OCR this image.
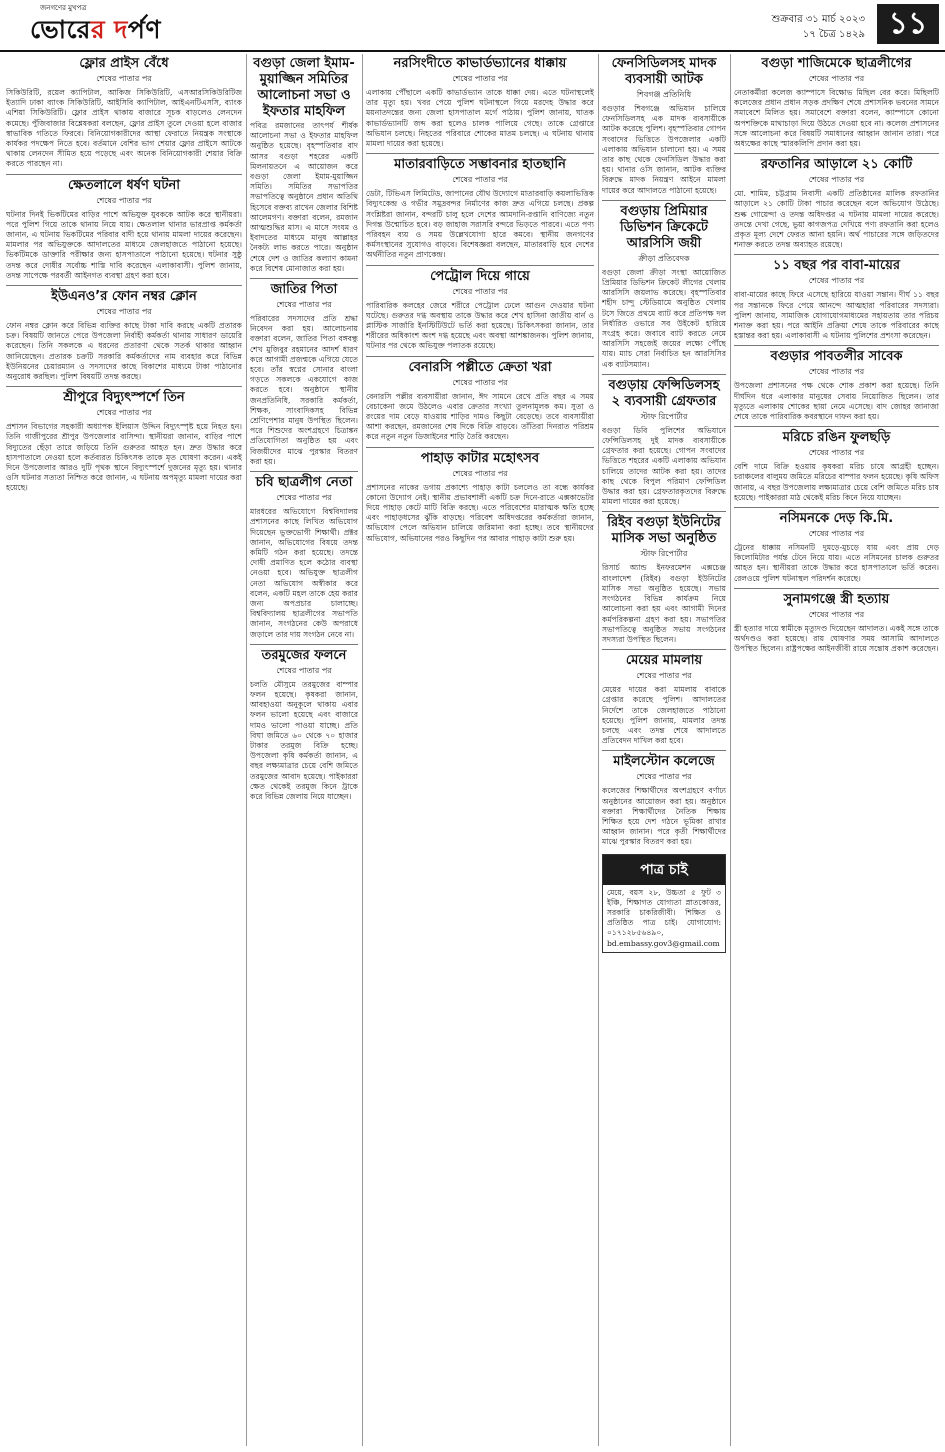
জনগণের মুখপত্র
ভোরের দর্পণ	শুক্রবার ৩১ মার্চ ২০২৩
১৭ চৈত্র ১৪২৯ ১১
ফ্লোর প্রাইস বেঁধে
শেষের পাতার পর

সিকিউরিটি, রয়েল ক্যাপিটাল, আকিজ সিকিউরিটি, এসআরসিকিউরিটিজ ইত্যাদি ঢাকা ব্যাংক সিকিউরিটি, আইসিবি ক্যাপিটাল, আইএনটিএসসি, ব্যাংক এশিয়া সিকিউরিটি। ফ্লোর প্রাইস থাকায় বাজারে সূচক বাড়লেও লেনদেন কমেছে। পুঁজিবাজার বিশ্লেষকরা বলছেন, ফ্লোর প্রাইস তুলে দেওয়া হলে বাজার স্বাভাবিক গতিতে ফিরবে। বিনিয়োগকারীদের আস্থা ফেরাতে নিয়ন্ত্রক সংস্থাকে কার্যকর পদক্ষেপ নিতে হবে। বর্তমানে বেশির ভাগ শেয়ার ফ্লোর প্রাইসে আটকে থাকায় লেনদেন সীমিত হয়ে পড়েছে এবং অনেক বিনিয়োগকারী শেয়ার বিক্রি করতে পারছেন না।

ক্ষেতলালে ধর্ষণ ঘটনা
শেষের পাতার পর

ঘটনার দিনই ভিকটিমের বাড়ির পাশে অভিযুক্ত যুবককে আটক করে স্থানীয়রা। পরে পুলিশ গিয়ে তাকে থানায় নিয়ে যায়। ক্ষেতলাল থানার ভারপ্রাপ্ত কর্মকর্তা জানান, এ ঘটনায় ভিকটিমের পরিবার বাদী হয়ে থানায় মামলা দায়ের করেছেন। মামলার পর অভিযুক্তকে আদালতের মাধ্যমে জেলহাজতে পাঠানো হয়েছে। ভিকটিমকে ডাক্তারি পরীক্ষার জন্য হাসপাতালে পাঠানো হয়েছে। ঘটনার সুষ্ঠু তদন্ত করে দোষীর সর্বোচ্চ শাস্তি দাবি করেছেন এলাকাবাসী। পুলিশ জানায়, তদন্ত সাপেক্ষে পরবর্তী আইনগত ব্যবস্থা গ্রহণ করা হবে।

ইউএনও’র ফোন নম্বর ক্লোন
শেষের পাতার পর

ফোন নম্বর ক্লোন করে বিভিন্ন ব্যক্তির কাছে টাকা দাবি করছে একটি প্রতারক চক্র। বিষয়টি জানতে পেরে উপজেলা নির্বাহী কর্মকর্তা থানায় সাধারণ ডায়েরি করেছেন। তিনি সকলকে এ ধরনের প্রতারণা থেকে সতর্ক থাকার আহ্বান জানিয়েছেন। প্রতারক চক্রটি সরকারি কর্মকর্তাদের নাম ব্যবহার করে বিভিন্ন ইউনিয়নের চেয়ারম্যান ও সদস্যদের কাছে বিকাশের মাধ্যমে টাকা পাঠানোর অনুরোধ করছিল। পুলিশ বিষয়টি তদন্ত করছে।

শ্রীপুরে বিদ্যুৎস্পর্শে তিন
শেষের পাতার পর

প্রশাসন বিভাগের সহকারী অধ্যাপক ইলিয়াস উদ্দিন বিদ্যুৎস্পৃষ্ট হয়ে নিহত হন। তিনি গাজীপুরের শ্রীপুর উপজেলার বাসিন্দা। স্থানীয়রা জানান, বাড়ির পাশে বিদ্যুতের ছেঁড়া তারে জড়িয়ে তিনি গুরুতর আহত হন। দ্রুত উদ্ধার করে হাসপাতালে নেওয়া হলে কর্তব্যরত চিকিৎসক তাকে মৃত ঘোষণা করেন। একই দিনে উপজেলার আরও দুটি পৃথক স্থানে বিদ্যুৎস্পর্শে দুজনের মৃত্যু হয়। থানার ওসি ঘটনার সত্যতা নিশ্চিত করে জানান, এ ঘটনায় অপমৃত্যু মামলা দায়ের করা হয়েছে।

বগুড়া জেলা ইমাম-মুয়াজ্জিন সমিতির আলোচনা সভা ও ইফতার মাহফিল

পবিত্র রমজানের তাৎপর্য শীর্ষক আলোচনা সভা ও ইফতার মাহফিল অনুষ্ঠিত হয়েছে। বৃহস্পতিবার বাদ আসর বগুড়া শহরের একটি মিলনায়তনে এ আয়োজন করে বগুড়া জেলা ইমাম-মুয়াজ্জিন সমিতি। সমিতির সভাপতির সভাপতিত্বে অনুষ্ঠানে প্রধান অতিথি হিসেবে বক্তব্য রাখেন জেলার বিশিষ্ট আলেমগণ। বক্তারা বলেন, রমজান আত্মশুদ্ধির মাস। এ মাসে সংযম ও ইবাদতের মাধ্যমে মানুষ আল্লাহর নৈকট্য লাভ করতে পারে। অনুষ্ঠান শেষে দেশ ও জাতির কল্যাণ কামনা করে বিশেষ মোনাজাত করা হয়।

জাতির পিতা
শেষের পাতার পর

পরিবারের সদস্যদের প্রতি শ্রদ্ধা নিবেদন করা হয়। আলোচনায় বক্তারা বলেন, জাতির পিতা বঙ্গবন্ধু শেখ মুজিবুর রহমানের আদর্শ ধারণ করে আগামী প্রজন্মকে এগিয়ে যেতে হবে। তাঁর স্বপ্নের সোনার বাংলা গড়তে সকলকে একযোগে কাজ করতে হবে। অনুষ্ঠানে স্থানীয় জনপ্রতিনিধি, সরকারি কর্মকর্তা, শিক্ষক, সাংবাদিকসহ বিভিন্ন শ্রেণিপেশার মানুষ উপস্থিত ছিলেন। পরে শিশুদের অংশগ্রহণে চিত্রাঙ্কন প্রতিযোগিতা অনুষ্ঠিত হয় এবং বিজয়ীদের মাঝে পুরস্কার বিতরণ করা হয়।

চবি ছাত্রলীগ নেতা
শেষের পাতার পর

মারধরের অভিযোগে বিশ্ববিদ্যালয় প্রশাসনের কাছে লিখিত অভিযোগ দিয়েছেন ভুক্তভোগী শিক্ষার্থী। প্রক্টর জানান, অভিযোগের বিষয়ে তদন্ত কমিটি গঠন করা হয়েছে। তদন্তে দোষী প্রমাণিত হলে কঠোর ব্যবস্থা নেওয়া হবে। অভিযুক্ত ছাত্রলীগ নেতা অভিযোগ অস্বীকার করে বলেন, একটি মহল তাকে হেয় করার জন্য অপপ্রচার চালাচ্ছে। বিশ্ববিদ্যালয় ছাত্রলীগের সভাপতি জানান, সংগঠনের কেউ অপরাধে জড়ালে তার দায় সংগঠন নেবে না।

তরমুজের ফলনে
শেষের পাতার পর

চলতি মৌসুমে তরমুজের বাম্পার ফলন হয়েছে। কৃষকরা জানান, আবহাওয়া অনুকূলে থাকায় এবার ফলন ভালো হয়েছে এবং বাজারে দামও ভালো পাওয়া যাচ্ছে। প্রতি বিঘা জমিতে ৬০ থেকে ৭০ হাজার টাকার তরমুজ বিক্রি হচ্ছে। উপজেলা কৃষি কর্মকর্তা জানান, এ বছর লক্ষ্যমাত্রার চেয়ে বেশি জমিতে তরমুজের আবাদ হয়েছে। পাইকাররা ক্ষেত থেকেই তরমুজ কিনে ট্রাকে করে বিভিন্ন জেলায় নিয়ে যাচ্ছেন।

নরসিংদীতে কাভার্ডভ্যানের ধাক্কায়
শেষের পাতার পর

এলাকায় পৌঁছালে একটি কাভার্ডভ্যান তাকে ধাক্কা দেয়। এতে ঘটনাস্থলেই তার মৃত্যু হয়। খবর পেয়ে পুলিশ ঘটনাস্থলে গিয়ে মরদেহ উদ্ধার করে ময়নাতদন্তের জন্য জেলা হাসপাতাল মর্গে পাঠায়। পুলিশ জানায়, ঘাতক কাভার্ডভ্যানটি জব্দ করা হলেও চালক পালিয়ে গেছে। তাকে গ্রেপ্তারে অভিযান চলছে। নিহতের পরিবারে শোকের মাতম চলছে। এ ঘটনায় থানায় মামলা দায়ের করা হয়েছে।

মাতারবাড়িতে সম্ভাবনার হাতছানি
শেষের পাতার পর

ডেটা, টিভিএস লিমিটেড, জাপানের যৌথ উদ্যোগে মাতারবাড়ি কয়লাভিত্তিক বিদ্যুৎকেন্দ্র ও গভীর সমুদ্রবন্দর নির্মাণের কাজ দ্রুত এগিয়ে চলছে। প্রকল্প সংশ্লিষ্টরা জানান, বন্দরটি চালু হলে দেশের আমদানি-রপ্তানি বাণিজ্যে নতুন দিগন্ত উন্মোচিত হবে। বড় জাহাজ সরাসরি বন্দরে ভিড়তে পারবে। এতে পণ্য পরিবহন ব্যয় ও সময় উল্লেখযোগ্য হারে কমবে। স্থানীয় জনগণের কর্মসংস্থানের সুযোগও বাড়বে। বিশেষজ্ঞরা বলছেন, মাতারবাড়ি হবে দেশের অর্থনীতির নতুন প্রাণকেন্দ্র।

পেট্রোল দিয়ে গায়ে
শেষের পাতার পর

পারিবারিক কলহের জেরে শরীরে পেট্রোল ঢেলে আগুন দেওয়ার ঘটনা ঘটেছে। গুরুতর দগ্ধ অবস্থায় তাকে উদ্ধার করে শেখ হাসিনা জাতীয় বার্ন ও প্লাস্টিক সার্জারি ইনস্টিটিউটে ভর্তি করা হয়েছে। চিকিৎসকরা জানান, তার শরীরের অধিকাংশ অংশ দগ্ধ হয়েছে এবং অবস্থা আশঙ্কাজনক। পুলিশ জানায়, ঘটনার পর থেকে অভিযুক্ত পলাতক রয়েছে।

বেনারসি পল্লীতে ক্রেতা খরা
শেষের পাতার পর

বেনারসি পল্লীর ব্যবসায়ীরা জানান, ঈদ সামনে রেখে প্রতি বছর এ সময় বেচাকেনা জমে উঠলেও এবার ক্রেতার সংখ্যা তুলনামূলক কম। সুতা ও রংয়ের দাম বেড়ে যাওয়ায় শাড়ির দামও কিছুটা বেড়েছে। তবে ব্যবসায়ীরা আশা করছেন, রমজানের শেষ দিকে বিক্রি বাড়বে। তাঁতিরা দিনরাত পরিশ্রম করে নতুন নতুন ডিজাইনের শাড়ি তৈরি করছেন।

পাহাড় কাটার মহোৎসব
শেষের পাতার পর

প্রশাসনের নাকের ডগায় প্রকাশ্যে পাহাড় কাটা চললেও তা বন্ধে কার্যকর কোনো উদ্যোগ নেই। স্থানীয় প্রভাবশালী একটি চক্র দিনে-রাতে এক্সকাভেটর দিয়ে পাহাড় কেটে মাটি বিক্রি করছে। এতে পরিবেশের মারাত্মক ক্ষতি হচ্ছে এবং পাহাড়ধসের ঝুঁকি বাড়ছে। পরিবেশ অধিদপ্তরের কর্মকর্তারা জানান, অভিযোগ পেলে অভিযান চালিয়ে জরিমানা করা হচ্ছে। তবে স্থানীয়দের অভিযোগ, অভিযানের পরও কিছুদিন পর আবার পাহাড় কাটা শুরু হয়।

ফেনসিডিলসহ মাদক ব্যবসায়ী আটক
শিবগঞ্জ প্রতিনিধি

বগুড়ার শিবগঞ্জে অভিযান চালিয়ে ফেনসিডিলসহ এক মাদক ব্যবসায়ীকে আটক করেছে পুলিশ। বৃহস্পতিবার গোপন সংবাদের ভিত্তিতে উপজেলার একটি এলাকায় অভিযান চালানো হয়। এ সময় তার কাছ থেকে ফেনসিডিল উদ্ধার করা হয়। থানার ওসি জানান, আটক ব্যক্তির বিরুদ্ধে মাদক নিয়ন্ত্রণ আইনে মামলা দায়ের করে আদালতে পাঠানো হয়েছে।

বগুড়ায় প্রিমিয়ার ডিভিশন ক্রিকেটে আরসিসি জয়ী
ক্রীড়া প্রতিবেদক

বগুড়া জেলা ক্রীড়া সংস্থা আয়োজিত প্রিমিয়ার ডিভিশন ক্রিকেট লীগের খেলায় আরসিসি জয়লাভ করেছে। বৃহস্পতিবার শহীদ চান্দু স্টেডিয়ামে অনুষ্ঠিত খেলায় টসে জিতে প্রথমে ব্যাট করে প্রতিপক্ষ দল নির্ধারিত ওভারে সব উইকেট হারিয়ে সংগ্রহ করে। জবাবে ব্যাট করতে নেমে আরসিসি সহজেই জয়ের লক্ষ্যে পৌঁছে যায়। ম্যাচ সেরা নির্বাচিত হন আরসিসির এক ব্যাটসম্যান।

বগুড়ায় ফেন্সিডিলসহ ২ ব্যবসায়ী গ্রেফতার
স্টাফ রিপোর্টার

বগুড়া ডিবি পুলিশের অভিযানে ফেন্সিডিলসহ দুই মাদক ব্যবসায়ীকে গ্রেফতার করা হয়েছে। গোপন সংবাদের ভিত্তিতে শহরের একটি এলাকায় অভিযান চালিয়ে তাদের আটক করা হয়। তাদের কাছ থেকে বিপুল পরিমাণ ফেন্সিডিল উদ্ধার করা হয়। গ্রেফতারকৃতদের বিরুদ্ধে মামলা দায়ের করা হয়েছে।

রিইব বগুড়া ইউনিটের মাসিক সভা অনুষ্ঠিত
স্টাফ রিপোর্টার

রিসার্চ অ্যান্ড ইনফরমেশন এক্সচেঞ্জ বাংলাদেশ (রিইব) বগুড়া ইউনিটের মাসিক সভা অনুষ্ঠিত হয়েছে। সভায় সংগঠনের বিভিন্ন কার্যক্রম নিয়ে আলোচনা করা হয় এবং আগামী দিনের কর্মপরিকল্পনা গ্রহণ করা হয়। সভাপতির সভাপতিত্বে অনুষ্ঠিত সভায় সংগঠনের সদস্যরা উপস্থিত ছিলেন।

মেয়ের মামলায়
শেষের পাতার পর

মেয়ের দায়ের করা মামলায় বাবাকে গ্রেপ্তার করেছে পুলিশ। আদালতের নির্দেশে তাকে জেলহাজতে পাঠানো হয়েছে। পুলিশ জানায়, মামলার তদন্ত চলছে এবং তদন্ত শেষে আদালতে প্রতিবেদন দাখিল করা হবে।

মাইলস্টোন কলেজে
শেষের পাতার পর

কলেজের শিক্ষার্থীদের অংশগ্রহণে বর্ণাঢ্য অনুষ্ঠানের আয়োজন করা হয়। অনুষ্ঠানে বক্তারা শিক্ষার্থীদের নৈতিক শিক্ষায় শিক্ষিত হয়ে দেশ গঠনে ভূমিকা রাখার আহ্বান জানান। পরে কৃতী শিক্ষার্থীদের মাঝে পুরস্কার বিতরণ করা হয়।

পাত্র চাই

মেয়ে, বয়স ২৮, উচ্চতা ৫ ফুট ৩ ইঞ্চি, শিক্ষাগত যোগ্যতা স্নাতকোত্তর, সরকারি চাকরিজীবী। শিক্ষিত ও প্রতিষ্ঠিত পাত্র চাই। যোগাযোগ: ০১৭১২৮৫৬৪৯০, bd.embassy.gov3@gmail.com

বগুড়া শাজিমেকে ছাত্রলীগের
শেষের পাতার পর

নেতাকর্মীরা কলেজ ক্যাম্পাসে বিক্ষোভ মিছিল বের করে। মিছিলটি কলেজের প্রধান প্রধান সড়ক প্রদক্ষিণ শেষে প্রশাসনিক ভবনের সামনে সমাবেশে মিলিত হয়। সমাবেশে বক্তারা বলেন, ক্যাম্পাসে কোনো অপশক্তিকে মাথাচাড়া দিয়ে উঠতে দেওয়া হবে না। কলেজ প্রশাসনের সঙ্গে আলোচনা করে বিষয়টি সমাধানের আহ্বান জানান তারা। পরে অধ্যক্ষের কাছে স্মারকলিপি প্রদান করা হয়।

রফতানির আড়ালে ২১ কোটি
শেষের পাতার পর

মো. শামিম, চট্টগ্রাম নিবাসী একটি প্রতিষ্ঠানের মালিক রফতানির আড়ালে ২১ কোটি টাকা পাচার করেছেন বলে অভিযোগ উঠেছে। শুল্ক গোয়েন্দা ও তদন্ত অধিদপ্তর এ ঘটনায় মামলা দায়ের করেছে। তদন্তে দেখা গেছে, ভুয়া কাগজপত্র দেখিয়ে পণ্য রফতানি করা হলেও প্রকৃত মূল্য দেশে ফেরত আনা হয়নি। অর্থ পাচারের সঙ্গে জড়িতদের শনাক্ত করতে তদন্ত অব্যাহত রয়েছে।

১১ বছর পর বাবা-মায়ের
শেষের পাতার পর

বাবা-মায়ের কাছে ফিরে এসেছে হারিয়ে যাওয়া সন্তান। দীর্ঘ ১১ বছর পর সন্তানকে ফিরে পেয়ে আনন্দে আত্মহারা পরিবারের সদস্যরা। পুলিশ জানায়, সামাজিক যোগাযোগমাধ্যমের সহায়তায় তার পরিচয় শনাক্ত করা হয়। পরে আইনি প্রক্রিয়া শেষে তাকে পরিবারের কাছে হস্তান্তর করা হয়। এলাকাবাসী এ ঘটনায় পুলিশের প্রশংসা করেছেন।

বগুড়ার পাবতলীর সাবেক
শেষের পাতার পর

উপজেলা প্রশাসনের পক্ষ থেকে শোক প্রকাশ করা হয়েছে। তিনি দীর্ঘদিন ধরে এলাকার মানুষের সেবায় নিয়োজিত ছিলেন। তার মৃত্যুতে এলাকায় শোকের ছায়া নেমে এসেছে। বাদ জোহর জানাজা শেষে তাকে পারিবারিক কবরস্থানে দাফন করা হয়।

মরিচে রঙিন ফুলছড়ি
শেষের পাতার পর

বেশি দামে বিক্রি হওয়ায় কৃষকরা মরিচ চাষে আগ্রহী হচ্ছেন। চরাঞ্চলের বালুময় জমিতে মরিচের বাম্পার ফলন হয়েছে। কৃষি অফিস জানায়, এ বছর উপজেলায় লক্ষ্যমাত্রার চেয়ে বেশি জমিতে মরিচ চাষ হয়েছে। পাইকাররা মাঠ থেকেই মরিচ কিনে নিয়ে যাচ্ছেন।

নসিমনকে দেড় কি.মি.
শেষের পাতার পর

ট্রেনের ধাক্কায় নসিমনটি দুমড়ে-মুচড়ে যায় এবং প্রায় দেড় কিলোমিটার পর্যন্ত টেনে নিয়ে যায়। এতে নসিমনের চালক গুরুতর আহত হন। স্থানীয়রা তাকে উদ্ধার করে হাসপাতালে ভর্তি করেন। রেলওয়ে পুলিশ ঘটনাস্থল পরিদর্শন করেছে।

সুনামগঞ্জে স্ত্রী হত্যায়
শেষের পাতার পর

স্ত্রী হত্যার দায়ে স্বামীকে মৃত্যুদণ্ড দিয়েছেন আদালত। একই সঙ্গে তাকে অর্থদণ্ডও করা হয়েছে। রায় ঘোষণার সময় আসামি আদালতে উপস্থিত ছিলেন। রাষ্ট্রপক্ষের আইনজীবী রায়ে সন্তোষ প্রকাশ করেছেন।
